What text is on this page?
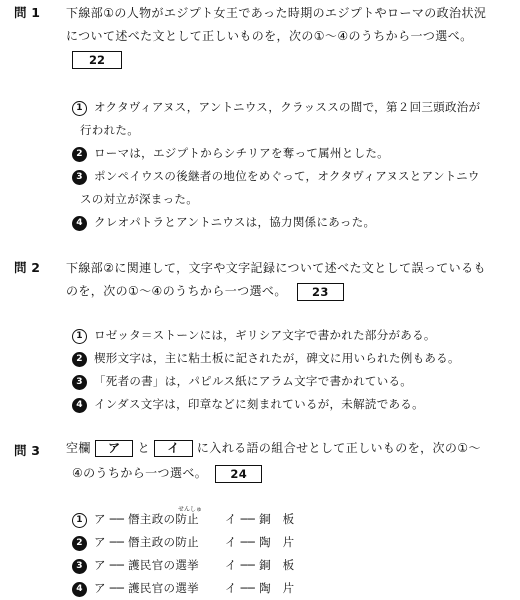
問 1 下線部①の人物がエジプト女王であった時期のエジプトやローマの政治状況
について述べた文として正しいものを，次の①〜④のうちから一つ選べ。
22
1 オクタヴィアヌス，アントニウス，クラッススの間で，第２回三頭政治が
行われた。
2 ローマは，エジプトからシチリアを奪って属州とした。
3 ポンペイウスの後継者の地位をめぐって，オクタヴィアヌスとアントニウ
スの対立が深まった。
4 クレオパトラとアントニウスは，協力関係にあった。
問 2 下線部②に関連して，文字や文字記録について述べた文として誤っているも
のを，次の①〜④のうちから一つ選べ。 23
1 ロゼッタ＝ストーンには，ギリシア文字で書かれた部分がある。
2 楔形文字は，主に粘土板に記されたが，碑文に用いられた例もある。
3 「死者の書」は，パピルス紙にアラム文字で書かれている。
4 インダス文字は，印章などに刻まれているが，未解読である。
問 3 空欄 ア と イ に入れる語の組合せとして正しいものを，次の①〜
④のうちから一つ選べ。 24
1
せんしゅ
ア ── 僭主政の防止 イ ── 銅　板
2 ア ── 僭主政の防止 イ ── 陶　片
3 ア ── 護民官の選挙 イ ── 銅　板
4 ア ── 護民官の選挙 イ ── 陶　片
